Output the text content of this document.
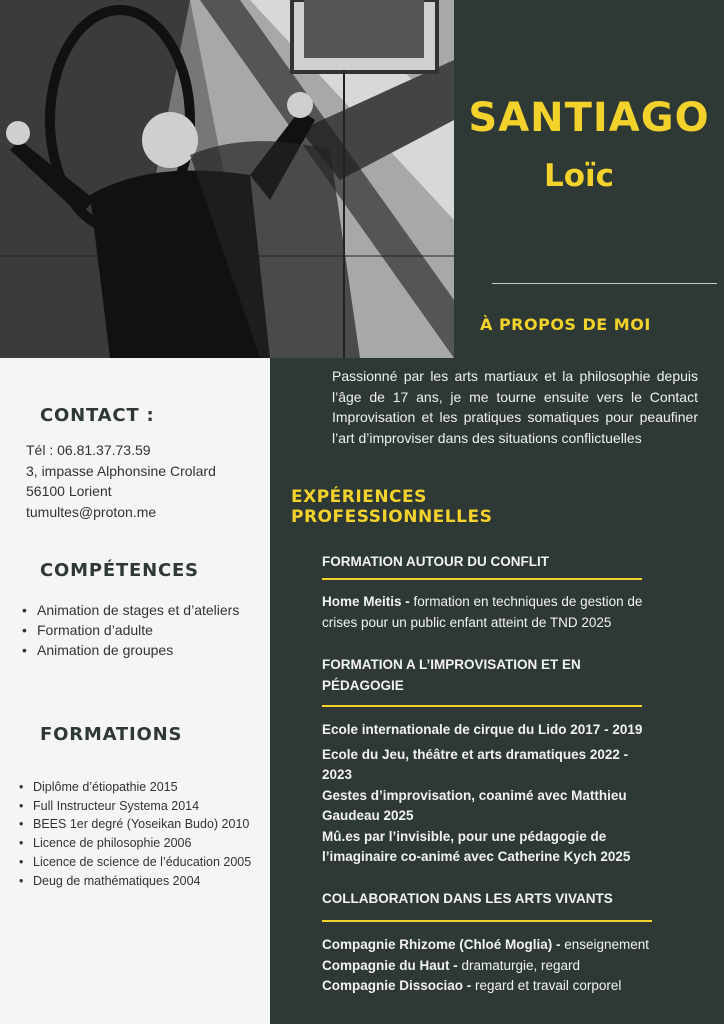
SANTIAGO
Loïc
À PROPOS DE MOI
CONTACT :
Tél : 06.81.37.73.59
3, impasse Alphonsine Crolard
56100 Lorient
tumultes@proton.me
COMPÉTENCES
• Animation de stages et d’ateliers
• Formation d’adulte
• Animation de groupes
FORMATIONS
• Diplôme d’étiopathie 2015
• Full Instructeur Systema 2014
• BEES 1er degré (Yoseikan Budo) 2010
• Licence de philosophie 2006
• Licence de science de l’éducation 2005
• Deug de mathématiques 2004
Passionné par les arts martiaux et la philosophie depuis l’âge de 17 ans, je me tourne ensuite vers le Contact Improvisation et les pratiques somatiques pour peaufiner l’art d’improviser dans des situations conflictuelles
EXPÉRIENCES
PROFESSIONNELLES
FORMATION AUTOUR DU CONFLIT
Home Meitis - formation en techniques de gestion de crises pour un public enfant atteint de TND 2025
FORMATION A L’IMPROVISATION ET EN PÉDAGOGIE
Ecole internationale de cirque du Lido 2017 - 2019
Ecole du Jeu, théâtre et arts dramatiques 2022 - 2023
Gestes d’improvisation, coanimé avec Matthieu Gaudeau 2025
Mû.es par l’invisible, pour une pédagogie de l’imaginaire co-animé avec Catherine Kych 2025
COLLABORATION DANS LES ARTS VIVANTS
Compagnie Rhizome (Chloé Moglia) - enseignement
Compagnie du Haut - dramaturgie, regard
Compagnie Dissociao - regard et travail corporel
